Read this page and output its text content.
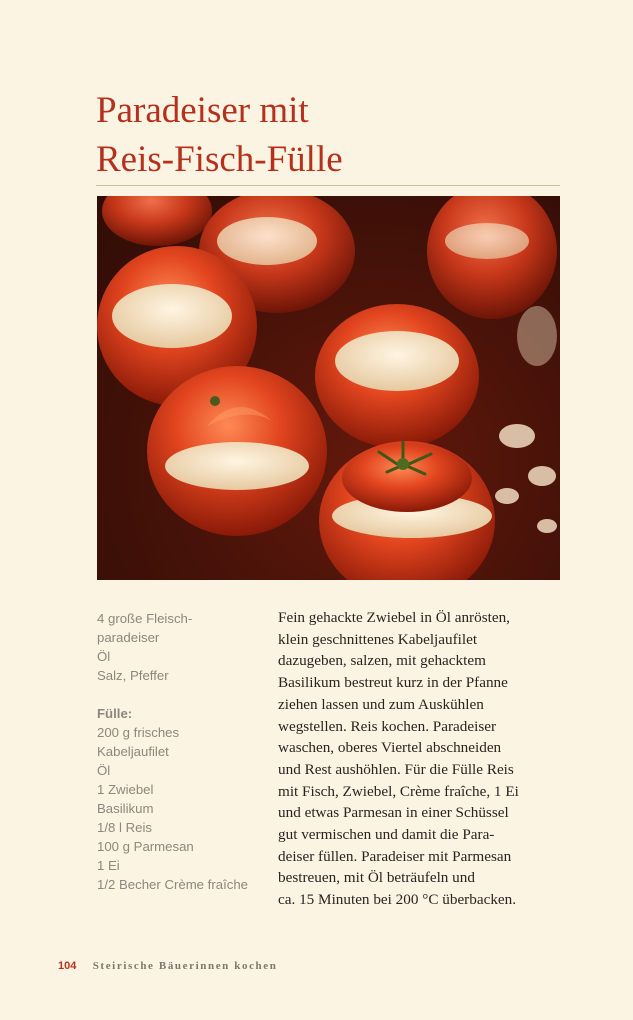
Paradeiser mit
Reis-Fisch-Fülle
4 große Fleisch-
paradeiser
Öl
Salz, Pfeffer
Fülle:
200 g frisches
Kabeljaufilet
Öl
1 Zwiebel
Basilikum
1/8 l Reis
100 g Parmesan
1 Ei
1/2 Becher Crème fraîche
Fein gehackte Zwiebel in Öl anrösten,
klein geschnittenes Kabeljaufilet
dazugeben, salzen, mit gehacktem
Basilikum bestreut kurz in der Pfanne
ziehen lassen und zum Auskühlen
wegstellen. Reis kochen. Paradeiser
waschen, oberes Viertel abschneiden
und Rest aushöhlen. Für die Fülle Reis
mit Fisch, Zwiebel, Crème fraîche, 1 Ei
und etwas Parmesan in einer Schüssel
gut vermischen und damit die Para-
deiser füllen. Paradeiser mit Parmesan
bestreuen, mit Öl beträufeln und
ca. 15 Minuten bei 200 °C überbacken.
104 Steirische Bäuerinnen kochen
